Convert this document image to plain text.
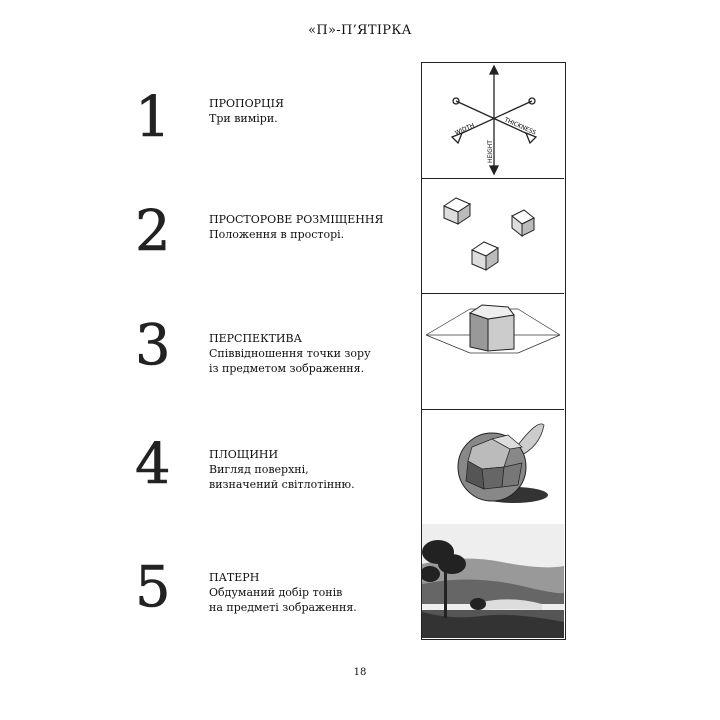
«П»-П’ЯТІРКА
1	ПРОПОРЦІЯ
Три виміри.
2	ПРОСТОРОВЕ РОЗМІЩЕННЯ
Положення в просторі.
3	ПЕРСПЕКТИВА
Співвідношення точки зору
із предметом зображення.
4	ПЛОЩИНИ
Вигляд поверхні,
визначений світлотінню.
5	ПАТЕРН
Обдуманий добір тонів
на предметі зображення.
WIDTH	THICKNESS
HEIGHT
18
